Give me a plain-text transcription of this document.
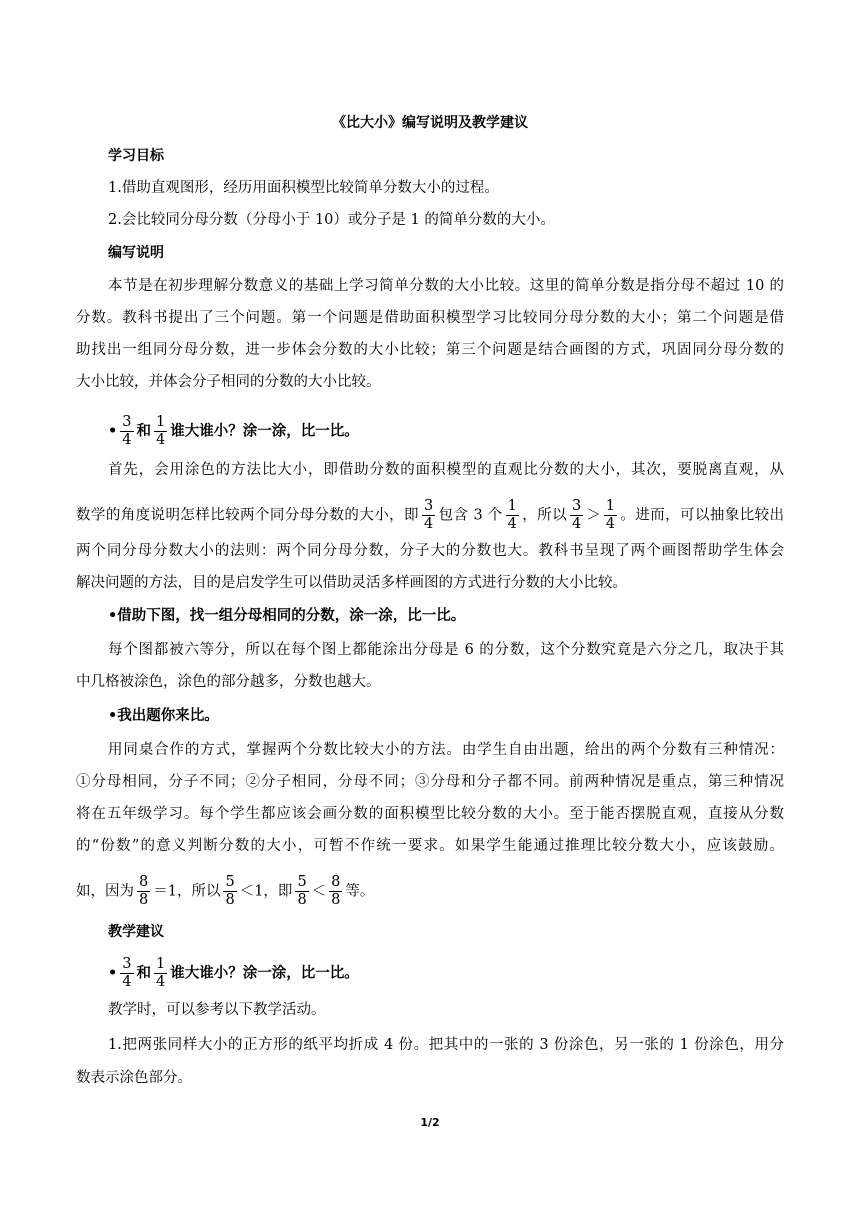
《比大小》编写说明及教学建议
学习目标
1.借助直观图形，经历用面积模型比较简单分数大小的过程。
2.会比较同分母分数（分母小于 10）或分子是 1 的简单分数的大小。
编写说明
本节是在初步理解分数意义的基础上学习简单分数的大小比较。这里的简单分数是指分母不超过 10 的
分数。教科书提出了三个问题。第一个问题是借助面积模型学习比较同分母分数的大小；第二个问题是借
助找出一组同分母分数，进一步体会分数的大小比较；第三个问题是结合画图的方式，巩固同分母分数的
大小比较，并体会分子相同的分数的大小比较。
• $\frac{3}{4}$ 和 $\frac{1}{4}$ 谁大谁小？涂一涂，比一比。
首先，会用涂色的方法比大小，即借助分数的面积模型的直观比分数的大小，其次，要脱离直观，从
数学的角度说明怎样比较两个同分母分数的大小，即 $\frac{3}{4}$ 包含 3 个 $\frac{1}{4}$ ，所以 $\frac{3}{4} > \frac{1}{4}$ 。进而，可以抽象比较出
两个同分母分数大小的法则：两个同分母分数，分子大的分数也大。教科书呈现了两个画图帮助学生体会
解决问题的方法，目的是启发学生可以借助灵活多样画图的方式进行分数的大小比较。
•借助下图，找一组分母相同的分数，涂一涂，比一比。
每个图都被六等分，所以在每个图上都能涂出分母是 6 的分数，这个分数究竟是六分之几，取决于其
中几格被涂色，涂色的部分越多，分数也越大。
•我出题你来比。
用同桌合作的方式，掌握两个分数比较大小的方法。由学生自由出题，给出的两个分数有三种情况：
①分母相同，分子不同；②分子相同，分母不同；③分母和分子都不同。前两种情况是重点，第三种情况
将在五年级学习。每个学生都应该会画分数的面积模型比较分数的大小。至于能否摆脱直观，直接从分数
的“份数”的意义判断分数的大小，可暂不作统一要求。如果学生能通过推理比较分数大小，应该鼓励。
如，因为 $\frac{8}{8} =1$，所以 $\frac{5}{8} <1$，即 $\frac{5}{8} < \frac{8}{8}$ 等。
教学建议
• $\frac{3}{4}$ 和 $\frac{1}{4}$ 谁大谁小？涂一涂，比一比。
教学时，可以参考以下教学活动。
1.把两张同样大小的正方形的纸平均折成 4 份。把其中的一张的 3 份涂色，另一张的 1 份涂色，用分
数表示涂色部分。
1/2
